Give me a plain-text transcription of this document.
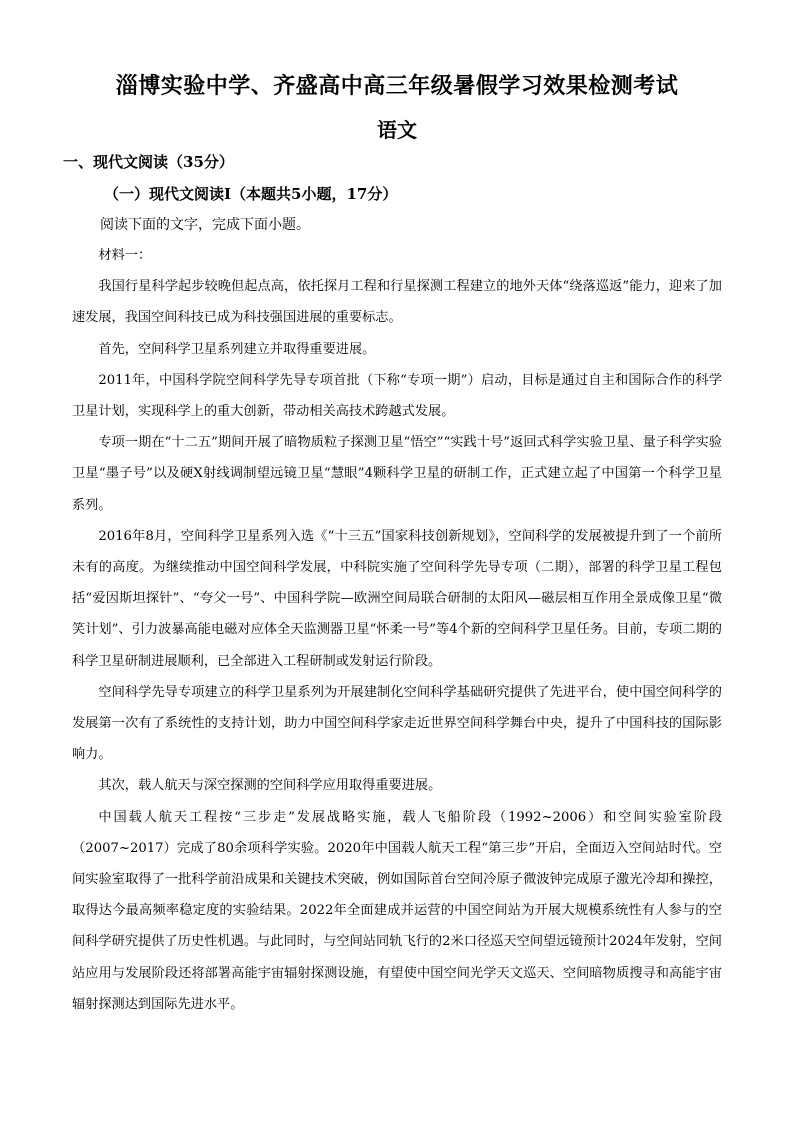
淄博实验中学、齐盛高中高三年级暑假学习效果检测考试
语文
一、现代文阅读（35分）
（一）现代文阅读Ⅰ（本题共5小题，17分）
阅读下面的文字，完成下面小题。

材料一：

我国行星科学起步较晚但起点高，依托探月工程和行星探测工程建立的地外天体“绕落巡返”能力，迎来了加速发展，我国空间科技已成为科技强国进展的重要标志。

首先，空间科学卫星系列建立并取得重要进展。

2011年，中国科学院空间科学先导专项首批（下称“专项一期”）启动，目标是通过自主和国际合作的科学卫星计划，实现科学上的重大创新，带动相关高技术跨越式发展。

专项一期在“十二五”期间开展了暗物质粒子探测卫星“悟空”“实践十号”返回式科学实验卫星、量子科学实验卫星“墨子号”以及硬X射线调制望远镜卫星“慧眼”4颗科学卫星的研制工作，正式建立起了中国第一个科学卫星系列。

2016年8月，空间科学卫星系列入选《“十三五”国家科技创新规划》，空间科学的发展被提升到了一个前所未有的高度。为继续推动中国空间科学发展，中科院实施了空间科学先导专项（二期），部署的科学卫星工程包括“爱因斯坦探针”、“夸父一号”、中国科学院—欧洲空间局联合研制的太阳风—磁层相互作用全景成像卫星“微笑计划”、引力波暴高能电磁对应体全天监测器卫星“怀柔一号”等4个新的空间科学卫星任务。目前，专项二期的科学卫星研制进展顺利，已全部进入工程研制或发射运行阶段。

空间科学先导专项建立的科学卫星系列为开展建制化空间科学基础研究提供了先进平台，使中国空间科学的发展第一次有了系统性的支持计划，助力中国空间科学家走近世界空间科学舞台中央，提升了中国科技的国际影响力。

其次，载人航天与深空探测的空间科学应用取得重要进展。

中国载人航天工程按“三步走”发展战略实施，载人飞船阶段（1992~2006）和空间实验室阶段（2007~2017）完成了80余项科学实验。2020年中国载人航天工程“第三步”开启，全面迈入空间站时代。空间实验室取得了一批科学前沿成果和关键技术突破，例如国际首台空间冷原子微波钟完成原子激光冷却和操控，取得达今最高频率稳定度的实验结果。2022年全面建成并运营的中国空间站为开展大规模系统性有人参与的空间科学研究提供了历史性机遇。与此同时，与空间站同轨飞行的2米口径巡天空间望远镜预计2024年发射，空间站应用与发展阶段还将部署高能宇宙辐射探测设施，有望使中国空间光学天文巡天、空间暗物质搜寻和高能宇宙辐射探测达到国际先进水平。
